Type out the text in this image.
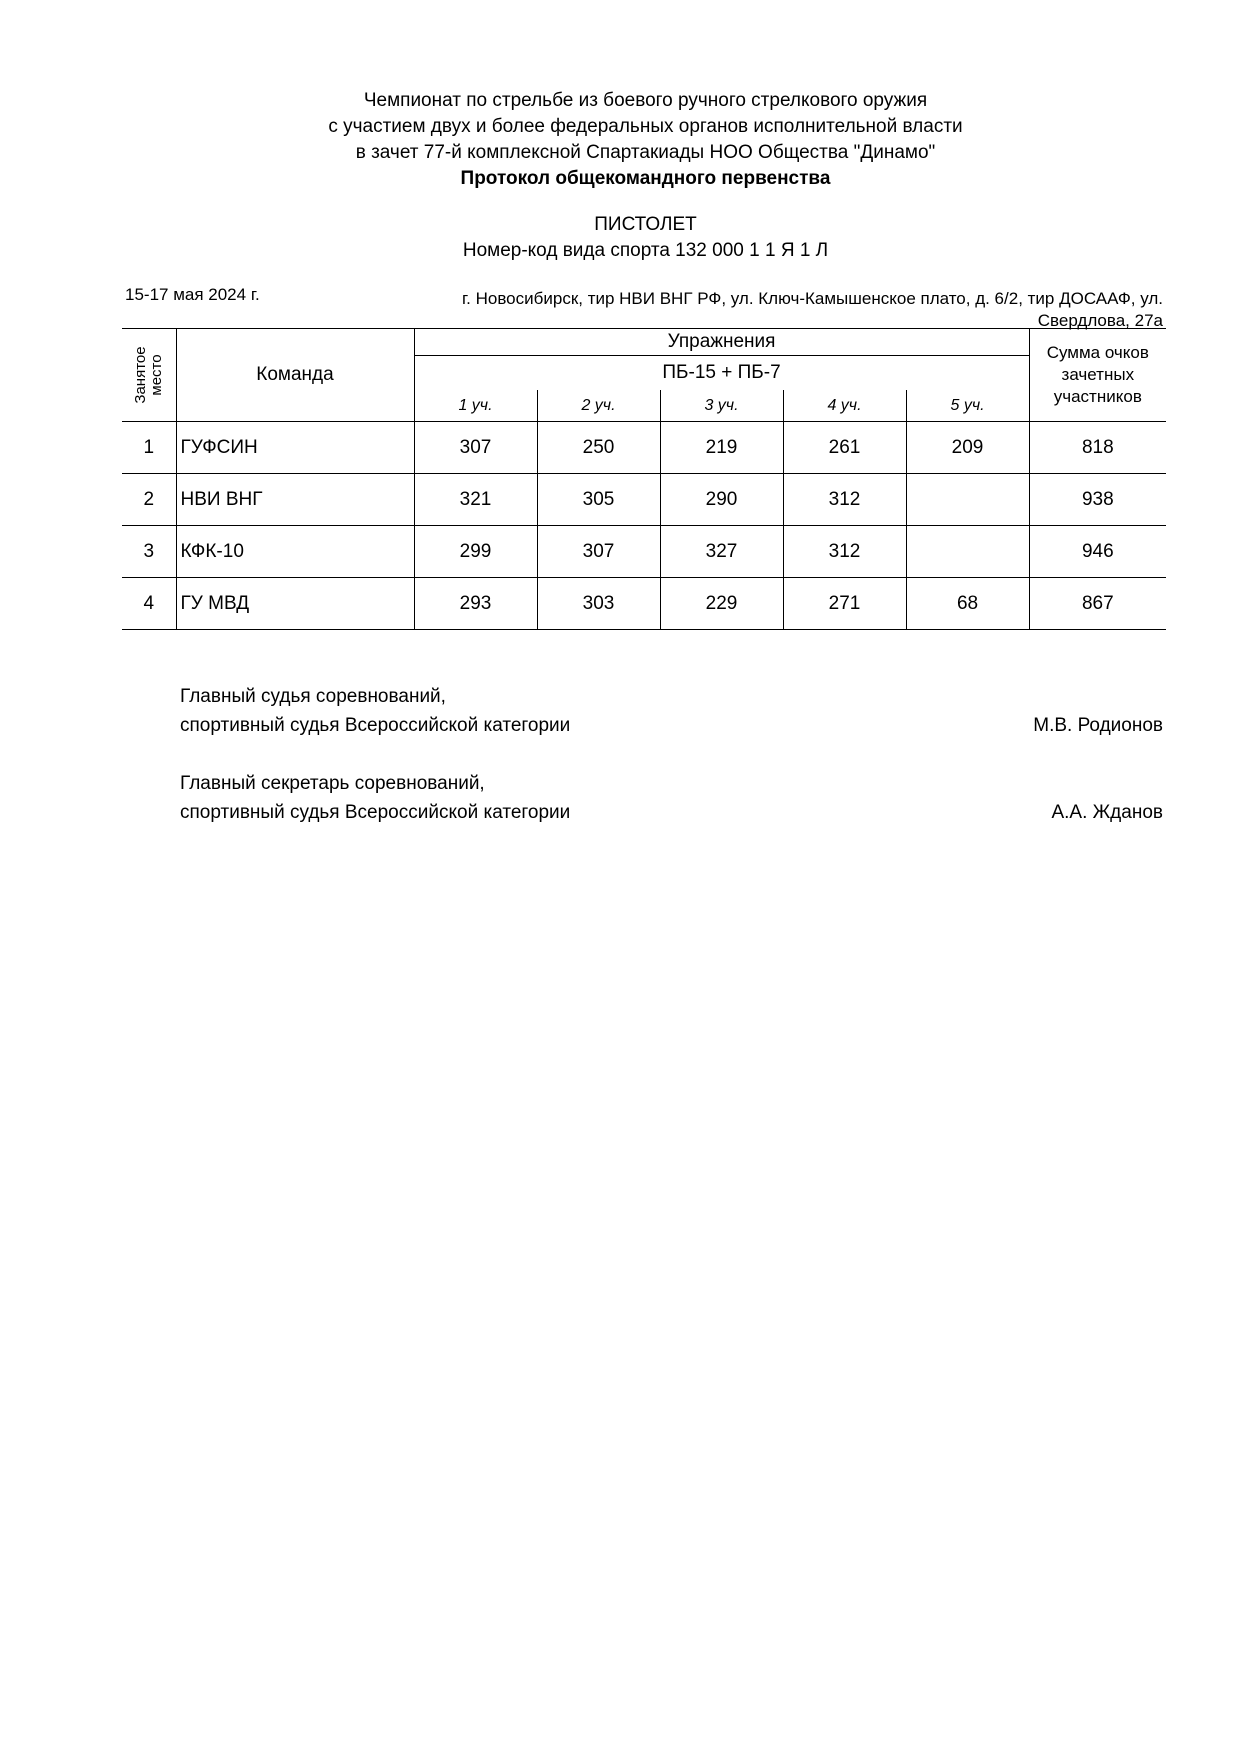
Чемпионат по стрельбе из боевого ручного стрелкового оружия
с участием двух и более федеральных органов исполнительной власти
в зачет 77-й комплексной Спартакиады НОО Общества "Динамо"
Протокол общекомандного первенства
ПИСТОЛЕТ
Номер-код вида спорта 132 000 1 1 Я 1 Л
15-17 мая 2024 г.	г. Новосибирск, тир НВИ ВНГ РФ, ул. Ключ-Камышенское плато, д. 6/2, тир ДОСААФ, ул.
Свердлова, 27а
Занятое место	Команда	Упражнения					Сумма очков зачетных участников
		ПБ-15 + ПБ-7					
		1 уч.	2 уч.	3 уч.	4 уч.	5 уч.	
1	ГУФСИН	307	250	219	261	209	818
2	НВИ ВНГ	321	305	290	312		938
3	КФК-10	299	307	327	312		946
4	ГУ МВД	293	303	229	271	68	867
Главный судья соревнований,
спортивный судья Всероссийской категории	М.В. Родионов
Главный секретарь соревнований,
спортивный судья Всероссийской категории	А.А. Жданов
